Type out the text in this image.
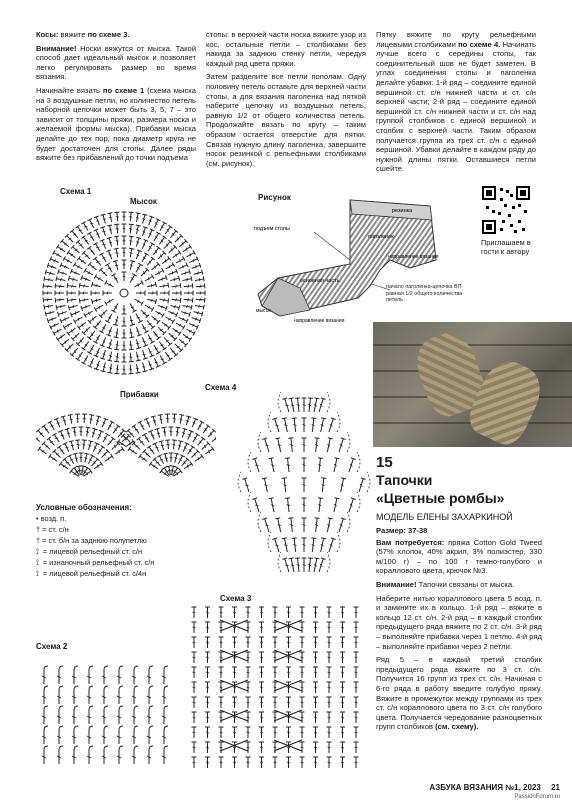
Косы: вяжите по схеме 3.

Внимание! Носки вяжутся от мыска. Такой способ дает идеальный мысок и позволяет легко регулировать размер во время вязания.

Начинайте вязать по схеме 1 (схема мыска на 3 воздушные петли, но количество петель наборной цепочки может быть 3, 5, 7 – это зависит от толщины пряжи, размера носка и желаемой формы мыска). Прибавки мыска делайте до тех пор, пока диаметр круга не будет достаточен для стопы. Далее ряды вяжите без прибавлений до точки подъема

стопы: в верхней части носка вяжите узор из кос, остальные петли – столбиками без накида за заднюю стенку петли, чередуя каждый ряд цвета пряжи.

Затем разделите все петли пополам. Одну половину петель оставьте для верхней части стопы, а для вязания паголенка над пяткой наберите цепочку из воздушных петель, равную 1/2 от общего количества петель. Продолжайте вязать по кругу – таким образом остается отверстие для пятки. Связав нужную длину паголенка, завершите носок резинкой с рельефными столбиками (см. рисунок).

Пятку вяжите по кругу рельефными лицевыми столбиками по схеме 4. Начинать лучше всего с середины стопы, так соединительный шов не будет заметен. В углах соединения стопы и паголенка делайте убавки: 1-й ряд – соедините единой вершиной ст. с/н нижней части и ст. с/н верхней части; 2-й ряд – соедините единой вершиной ст. с/н нижней части и ст. с/н над группой столбиков с единой вершиной и столбик с верхней части. Таким образом получается группа из трех ст. с/н с единой вершиной. Убавки делайте в каждом ряду до нужной длины пятки. Оставшиеся петли сшейте.

Приглашаем в гости к автору
Схема 1
Мысок	Рисунок
Прибавки
Схема 4
Схема 3
Схема 2
резинка
подъем стопы
паголенок
направление вязания
основная часть
мысок
направление вязания
начало паголенка-цепочка ВП равная 1/2 общего количества петель
Условные обозначения:
• возд. п.
† = ст. с/н
† = ст. б/н за заднюю полупетлю
⟟ = лицевой рельефный ст. с/н
⟟ = изнаночный рельефный ст. с/н
⟟ = лицевой рельефный ст. с/4н
15
Тапочки
«Цветные ромбы»
МОДЕЛЬ ЕЛЕНЫ ЗАХАРКИНОЙ

Размер: 37-38

Вам потребуется: пряжа Cotton Gold Tweed (57% хлопок, 40% акрил, 3% полиэстер, 330 м/100 г) – по 100 г темно-голубого и кораллового цвета, крючок №3.

Внимание! Тапочки связаны от мыска.

Наберите нитью кораллового цвета 5 возд. п. и замкните их в кольцо. 1-й ряд – вяжите в кольцо 12 ст. с/н. 2-й ряд – в каждый столбик предыдущего ряда вяжите по 2 ст. с/н. 3-й ряд – выполняйте прибавки через 1 петлю. 4-й ряд – выполняйте прибавки через 2 петли.

Ряд 5 – в каждый третий столбик предыдущего ряда вяжите по 3 ст. с/н. Получится 16 групп из трех ст. с/н. Начиная с 6-го ряда в работу введите голубую пряжу. Вяжите в промежуток между группами из трех ст. с/н кораллового цвета по 3 ст. с/н голубого цвета. Получается чередование разноцветных групп столбиков (см. схему).

АЗБУКА ВЯЗАНИЯ №1, 2023 21
PassionForum.ru
